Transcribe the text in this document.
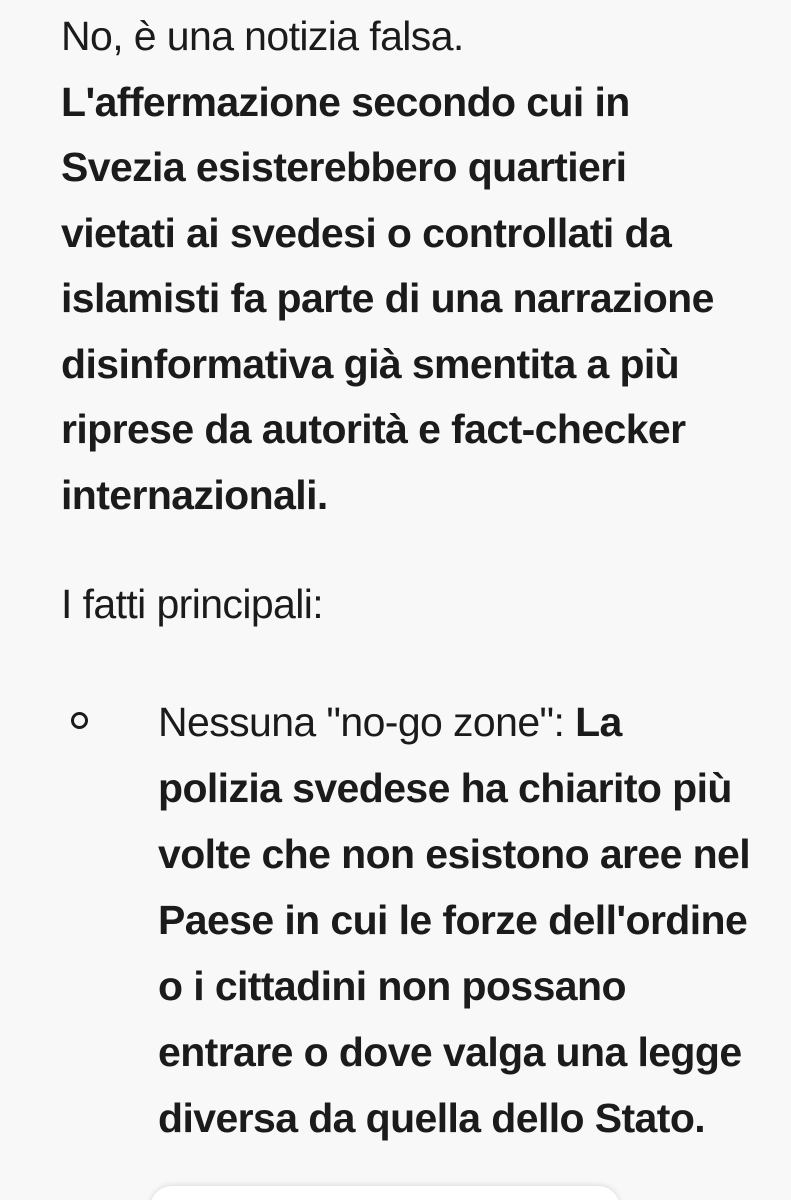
No, è una notizia falsa.
L'affermazione secondo cui in Svezia esisterebbero quartieri vietati ai svedesi o controllati da islamisti fa parte di una narrazione disinformativa già smentita a più riprese da autorità e fact-checker internazionali.

I fatti principali:

Nessuna "no-go zone": La polizia svedese ha chiarito più volte che non esistono aree nel Paese in cui le forze dell'ordine o i cittadini non possano entrare o dove valga una legge diversa da quella dello Stato.
